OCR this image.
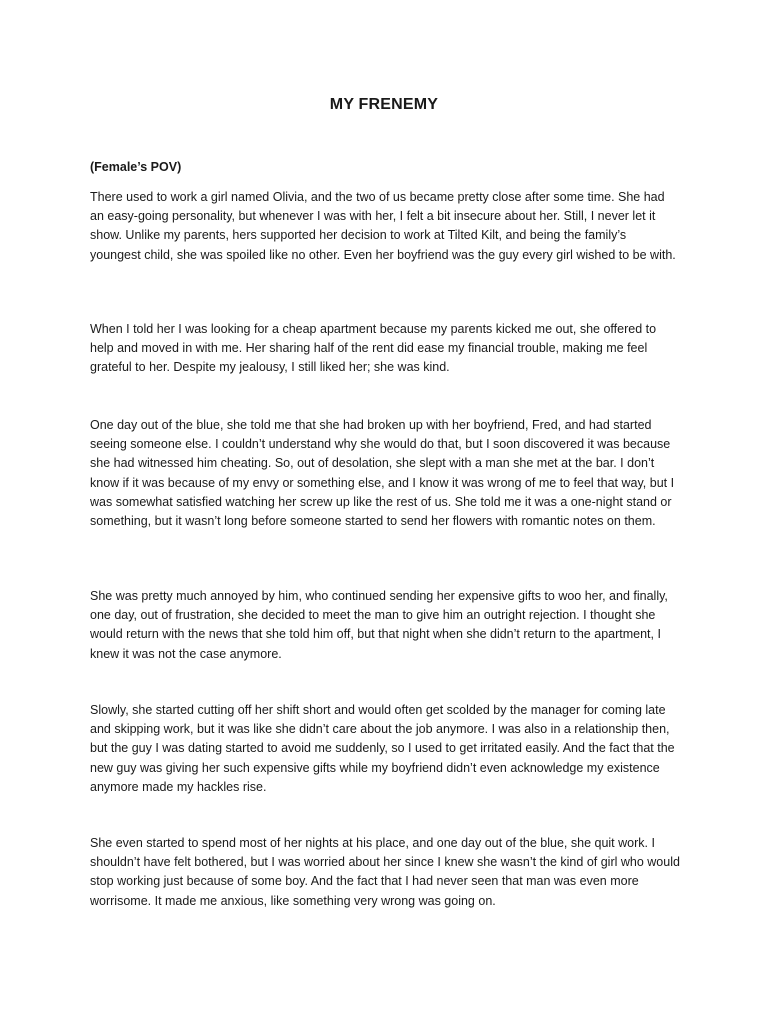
MY FRENEMY

(Female’s POV)

There used to work a girl named Olivia, and the two of us became pretty close after some time. She had an easy-going personality, but whenever I was with her, I felt a bit insecure about her. Still, I never let it show. Unlike my parents, hers supported her decision to work at Tilted Kilt, and being the family’s youngest child, she was spoiled like no other. Even her boyfriend was the guy every girl wished to be with.

When I told her I was looking for a cheap apartment because my parents kicked me out, she offered to help and moved in with me. Her sharing half of the rent did ease my financial trouble, making me feel grateful to her. Despite my jealousy, I still liked her; she was kind.

One day out of the blue, she told me that she had broken up with her boyfriend, Fred, and had started seeing someone else. I couldn’t understand why she would do that, but I soon discovered it was because she had witnessed him cheating. So, out of desolation, she slept with a man she met at the bar. I don’t know if it was because of my envy or something else, and I know it was wrong of me to feel that way, but I was somewhat satisfied watching her screw up like the rest of us. She told me it was a one-night stand or something, but it wasn’t long before someone started to send her flowers with romantic notes on them.

She was pretty much annoyed by him, who continued sending her expensive gifts to woo her, and finally, one day, out of frustration, she decided to meet the man to give him an outright rejection. I thought she would return with the news that she told him off, but that night when she didn’t return to the apartment, I knew it was not the case anymore.

Slowly, she started cutting off her shift short and would often get scolded by the manager for coming late and skipping work, but it was like she didn’t care about the job anymore. I was also in a relationship then, but the guy I was dating started to avoid me suddenly, so I used to get irritated easily. And the fact that the new guy was giving her such expensive gifts while my boyfriend didn’t even acknowledge my existence anymore made my hackles rise.

She even started to spend most of her nights at his place, and one day out of the blue, she quit work. I shouldn’t have felt bothered, but I was worried about her since I knew she wasn’t the kind of girl who would stop working just because of some boy. And the fact that I had never seen that man was even more worrisome. It made me anxious, like something very wrong was going on.
